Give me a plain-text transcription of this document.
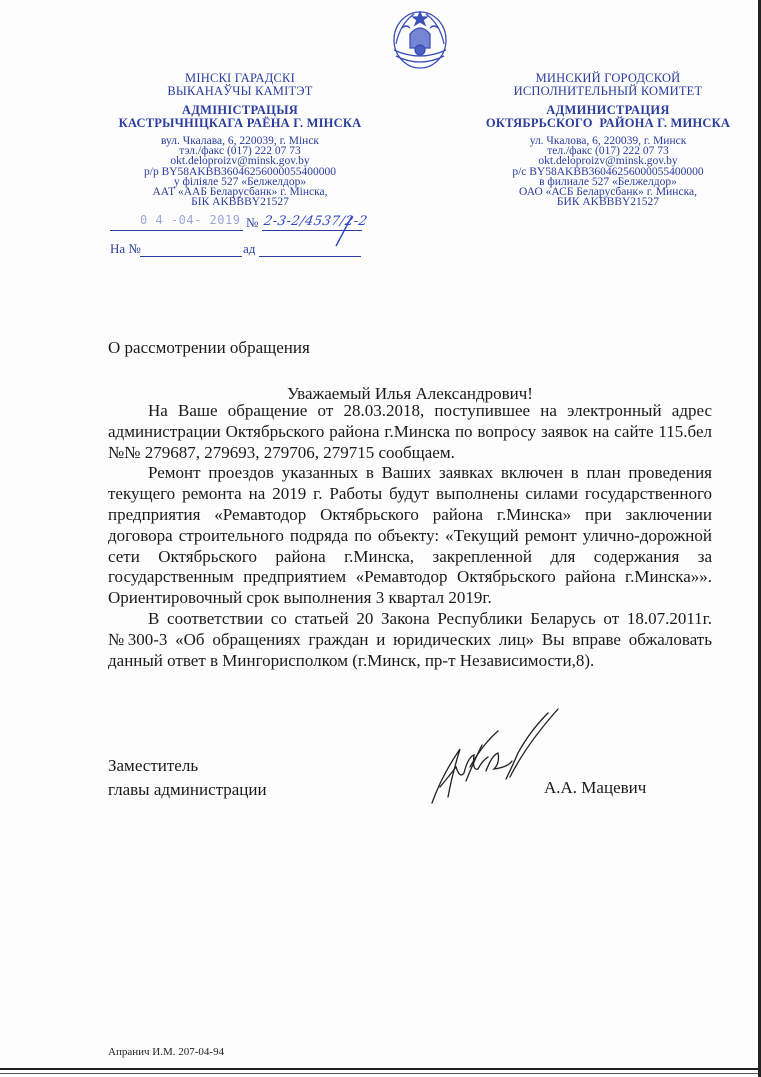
МІНСКІ ГАРАДСКІ
ВЫКАНАЎЧЫ КАМІТЭТ
АДМІНІСТРАЦЫЯ
КАСТРЫЧНІЦКАГА РАЁНА Г. МІНСКА
вул. Чкалава, 6, 220039, г. Мінск
тэл./факс (017) 222 07 73
okt.deloproizv@minsk.gov.by
р/р BY58AKBB36046256000055400000
у філіяле 527 «Белжелдор»
ААТ «ААБ Беларусбанк» г. Мінска,
БІК AKBBBY21527
МИНСКИЙ ГОРОДСКОЙ
ИСПОЛНИТЕЛЬНЫЙ КОМИТЕТ
АДМИНИСТРАЦИЯ
ОКТЯБРЬСКОГО  РАЙОНА Г. МИНСКА
ул. Чкалова, 6, 220039, г. Минск
тел./факс (017) 222 07 73
okt.deloproizv@minsk.gov.by
р/с BY58AKBB36046256000055400000
в филиале 527 «Белжелдор»
ОАО «АСБ Беларусбанк» г. Минска,
БИК AKBBBY21527
0 4 -04- 2019 № 2-3-2/4537/2-2
На №	ад
О рассмотрении обращения
Уважаемый Илья Александрович!

На Ваше обращение от 28.03.2018, поступившее на электронный адрес администрации Октябрьского района г.Минска по вопросу заявок на сайте 115.бел №№ 279687, 279693, 279706, 279715 сообщаем.

Ремонт проездов указанных в Ваших заявках включен в план проведения текущего ремонта на 2019 г. Работы будут выполнены силами государственного предприятия «Ремавтодор Октябрьского района г.Минска» при заключении договора строительного подряда по объекту: «Текущий ремонт улично-дорожной сети Октябрьского района г.Минска, закрепленной для содержания за государственным предприятием «Ремавтодор Октябрьского района г.Минска»». Ориентировочный срок выполнения 3 квартал 2019г.

В соответствии со статьей 20 Закона Республики Беларусь от 18.07.2011г. №300-3 «Об обращениях граждан и юридических лиц» Вы вправе обжаловать данный ответ в Мингорисполком (г.Минск, пр-т Независимости,8).

Заместитель
главы администрации	А.А. Мацевич
Апранич И.М. 207-04-94
